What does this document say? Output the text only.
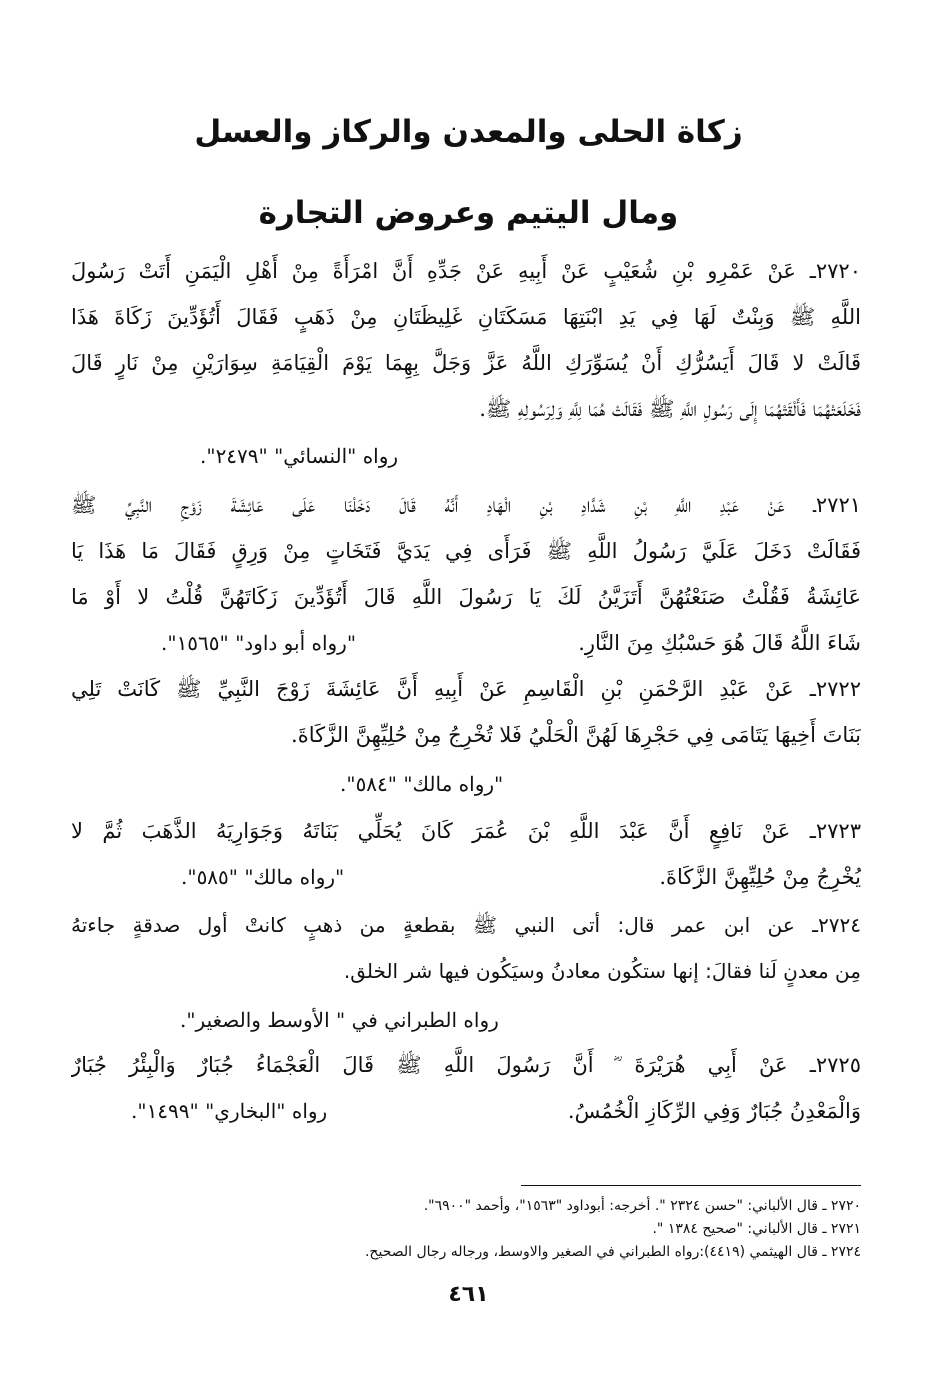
زكاة الحلى والمعدن والركاز والعسل
ومال اليتيم وعروض التجارة
٢٧٢٠ـ عَنْ عَمْرِو بْنِ شُعَيْبٍ عَنْ أَبِيهِ عَنْ جَدِّهِ أَنَّ امْرَأَةً مِنْ أَهْلِ الْيَمَنِ أَتَتْ رَسُولَ
اللَّهِ ﷺ وَبِنْتٌ لَهَا فِي يَدِ ابْنَتِهَا مَسَكَتَانِ غَلِيظَتَانِ مِنْ ذَهَبٍ فَقَالَ أَتُؤَدِّينَ زَكَاةَ هَذَا
قَالَتْ لا قَالَ أَيَسُرُّكِ أَنْ يُسَوِّرَكِ اللَّهُ عَزَّ وَجَلَّ بِهِمَا يَوْمَ الْقِيَامَةِ سِوَارَيْنِ مِنْ نَارٍ قَالَ
فَخَلَعَتْهُمَا فَأَلْقَتْهُمَا إِلَى رَسُولِ اللَّهِ ﷺ فَقَالَتْ هُمَا لِلَّهِ وَلِرَسُولِهِ ﷺ.
رواه "النسائي" "٢٤٧٩".
٢٧٢١ـ عَنْ عَبْدِ اللَّهِ بْنِ شَدَّادِ بْنِ الْهَادِ أَنَّهُ قَالَ دَخَلْنَا عَلَى عَائِشَةَ زَوْجِ النَّبِيِّ ﷺ
فَقَالَتْ دَخَلَ عَلَيَّ رَسُولُ اللَّهِ ﷺ فَرَأَى فِي يَدَيَّ فَتَخَاتٍ مِنْ وَرِقٍ فَقَالَ مَا هَذَا يَا
عَائِشَةُ فَقُلْتُ صَنَعْتُهُنَّ أَتَزَيَّنُ لَكَ يَا رَسُولَ اللَّهِ قَالَ أَتُؤَدِّينَ زَكَاتَهُنَّ قُلْتُ لا أَوْ مَا
شَاءَ اللَّهُ قَالَ هُوَ حَسْبُكِ مِنَ النَّارِ.
"رواه أبو داود" "١٥٦٥".
٢٧٢٢ـ عَنْ عَبْدِ الرَّحْمَنِ بْنِ الْقَاسِمِ عَنْ أَبِيهِ أَنَّ عَائِشَةَ زَوْجَ النَّبِيِّ ﷺ كَانَتْ تَلِي
بَنَاتَ أَخِيهَا يَتَامَى فِي حَجْرِهَا لَهُنَّ الْحَلْيُ فَلا تُخْرِجُ مِنْ حُلِيِّهِنَّ الزَّكَاةَ.
"رواه مالك" "٥٨٤".
٢٧٢٣ـ عَنْ نَافِعٍ أَنَّ عَبْدَ اللَّهِ بْنَ عُمَرَ كَانَ يُحَلِّي بَنَاتَهُ وَجَوَارِيَهُ الذَّهَبَ ثُمَّ لا
يُخْرِجُ مِنْ حُلِيِّهِنَّ الزَّكَاةَ.
"رواه مالك" "٥٨٥".
٢٧٢٤ـ عن ابن عمر قال: أتى النبي ﷺ بقطعةٍ من ذهبٍ كانتْ أول صدقةٍ جاءتهُ
مِن معدنٍ لَنا فقالَ: إنها ستكُون معادنُ وسيَكُون فيها شر الخلق.
رواه الطبراني في " الأوسط والصغير".
٢٧٢٥ـ عَنْ أَبِي هُرَيْرَةَ ؓ أَنَّ رَسُولَ اللَّهِ ﷺ قَالَ الْعَجْمَاءُ جُبَارٌ وَالْبِئْرُ جُبَارٌ
وَالْمَعْدِنُ جُبَارٌ وَفِي الرِّكَازِ الْخُمُسُ.
رواه "البخاري" "١٤٩٩".
٢٧٢٠ ـ قال الألباني: "حسن ٢٣٢٤ ". أخرجه: أبوداود "١٥٦٣"، وأحمد "٦٩٠٠".
٢٧٢١ ـ قال الألباني: "صحيح ١٣٨٤ ".
٢٧٢٤ ـ قال الهيثمي (٤٤١٩):رواه الطبراني في الصغير والاوسط، ورجاله رجال الصحيح.
٤٦١
